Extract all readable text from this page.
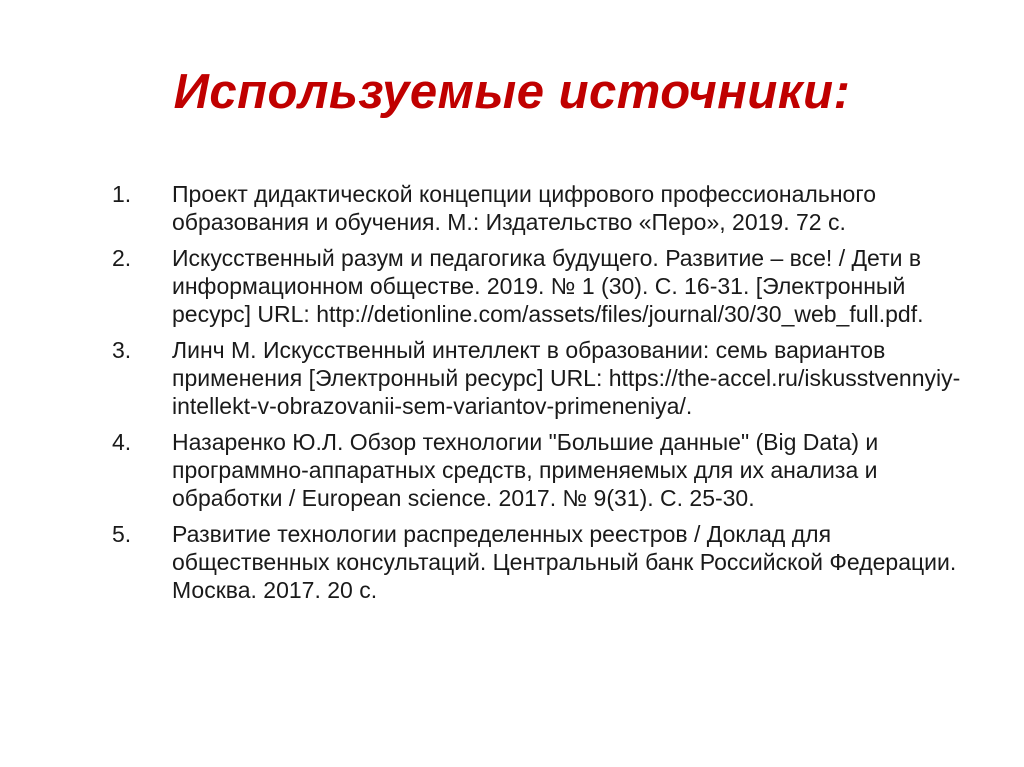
Используемые источники:
1.	Проект дидактической концепции цифрового профессионального образования и обучения. М.: Издательство «Перо», 2019. 72 с.
2.	Искусственный разум и педагогика будущего. Развитие – все! / Дети в информационном обществе. 2019. № 1 (30). С. 16-31. [Электронный ресурс] URL: http://detionline.com/assets/files/journal/30/30_web_full.pdf.
3.	Линч М. Искусственный интеллект в образовании: семь вариантов применения [Электронный ресурс] URL: https://the-accel.ru/iskusstvennyiy-intellekt-v-obrazovanii-sem-variantov-primeneniya/.
4.	Назаренко Ю.Л. Обзор технологии "Большие данные" (Big Data) и программно-аппаратных средств, применяемых для их анализа и обработки / European science. 2017. № 9(31). С. 25-30.
5.	Развитие технологии распределенных реестров / Доклад для общественных консультаций. Центральный банк Российской Федерации. Москва. 2017. 20 с.
